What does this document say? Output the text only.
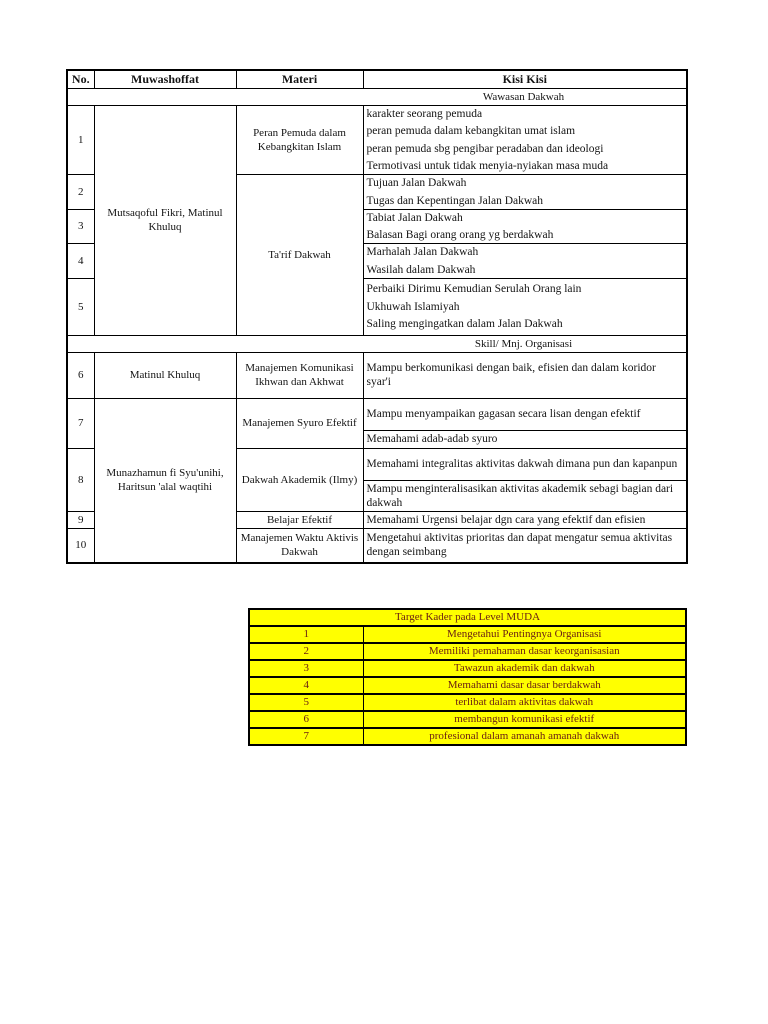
No.	Muwashoffat	Materi	Kisi Kisi
Wawasan Dakwah			
1	Mutsaqoful Fikri, Matinul Khuluq	Peran Pemuda dalam Kebangkitan Islam	karakter seorang pemuda

peran pemuda dalam kebangkitan umat islam

peran pemuda sbg pengibar peradaban dan ideologi

Termotivasi untuk tidak menyia-nyiakan masa muda

2		Ta'rif Dakwah	Tujuan Jalan Dakwah

Tugas dan Kepentingan Jalan Dakwah

3			Tabiat Jalan Dakwah

Balasan Bagi orang orang yg berdakwah

4			Marhalah Jalan Dakwah

Wasilah dalam Dakwah

5			Perbaiki Dirimu Kemudian Serulah Orang lain

Ukhuwah Islamiyah

Saling mengingatkan dalam Jalan Dakwah

Skill/ Mnj. Organisasi			
6	Matinul Khuluq	Manajemen Komunikasi Ikhwan dan Akhwat	Mampu berkomunikasi dengan baik, efisien dan dalam koridor syar'i

7	Munazhamun fi Syu'unihi, Haritsun 'alal waqtihi	Manajemen Syuro Efektif	Mampu menyampaikan gagasan secara lisan dengan efektif

			Memahami adab-adab syuro

8		Dakwah Akademik (Ilmy)	Memahami integralitas aktivitas dakwah dimana pun dan kapanpun

			Mampu menginteralisasikan aktivitas akademik sebagi bagian dari dakwah

9		Belajar Efektif	Memahami Urgensi belajar dgn cara yang efektif dan efisien

10		Manajemen Waktu Aktivis Dakwah	Mengetahui aktivitas prioritas dan dapat mengatur semua aktivitas dengan seimbang

Target Kader pada Level MUDA	
1	Mengetahui Pentingnya Organisasi
2	Memiliki pemahaman dasar keorganisasian
3	Tawazun akademik dan dakwah
4	Memahami dasar dasar berdakwah
5	terlibat dalam aktivitas dakwah
6	membangun komunikasi efektif
7	profesional dalam amanah amanah dakwah
